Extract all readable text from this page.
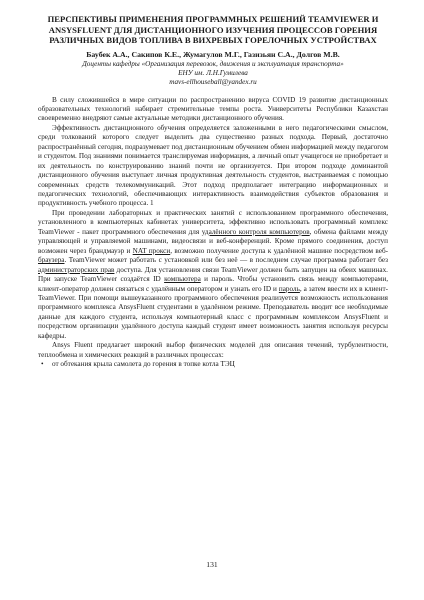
ПЕРСПЕКТИВЫ ПРИМЕНЕНИЯ ПРОГРАММНЫХ РЕШЕНИЙ TEAMVIEWER И ANSYSFLUENT ДЛЯ ДИСТАНЦИОННОГО ИЗУЧЕНИЯ ПРОЦЕССОВ ГОРЕНИЯ РАЗЛИЧНЫХ ВИДОВ ТОПЛИВА В ВИХРЕВЫХ ГОРЕЛОЧНЫХ УСТРОЙСТВАХ
Баубек А.А., Сакипов К.Е., Жумагулов М.Г., Газизьян С.А., Долгов М.В.
Доценты кафедры «Организация перевозок, движения и эксплуатация транспорта»
ЕНУ им. Л.Н.Гумилева
mavs-ellhouseball@yandex.ru

В силу сложившейся в мире ситуации по распространению вируса COVID 19 развитие дистанционных образовательных технологий набирает стремительные темпы роста. Университеты Республики Казахстан своевременно внедряют самые актуальные методики дистанционного обучения.

Эффективность дистанционного обучения определяется заложенными в него педагогическими смыслом, среди толкований которого следует выделить два существенно разных подхода. Первый, достаточно распространённый сегодня, подразумевает под дистанционным обучением обмен информацией между педагогом и студентом. Под знаниями понимается транслируемая информация, а личный опыт учащегося не приобретает и их деятельность по конструированию знаний почти не организуется. При втором подходе доминантой дистанционного обучения выступает личная продуктивная деятельность студентов, выстраиваемая с помощью современных средств телекоммуникаций. Этот подход предполагает интеграцию информационных и педагогических технологий, обеспечивающих интерактивность взаимодействия субъектов образования и продуктивность учебного процесса. 1

При проведении лабораторных и практических занятий с использованием программного обеспечения, установленного в компьютерных кабинетах университета, эффективно использовать программный комплекс TeamViewer - пакет программного обеспечения для удалённого контроля компьютеров, обмена файлами между управляющей и управляемой машинами, видеосвязи и веб-конференций. Кроме прямого соединения, доступ возможен через брандмауэр и NAT прокси, возможно получение доступа к удалённой машине посредством веб-браузера. TeamViewer может работать с установкой или без неё — в последнем случае программа работает без администраторских прав доступа. Для установления связи TeamViewer должен быть запущен на обеих машинах. При запуске TeamViewer создаётся ID компьютера и пароль. Чтобы установить связь между компьютерами, клиент-оператор должен связаться с удалённым оператором и узнать его ID и пароль, а затем ввести их в клиент-TeamViewer. При помощи вышеуказанного программного обеспечения реализуется возможность использования программного комплекса AnsysFluent студентами в удалённом режиме. Преподаватель вводит все необходимые данные для каждого студента, используя компьютерный класс с программным комплексом AnsysFluent и посредством организации удалённого доступа каждый студент имеет возможность занятия используя ресурсы кафедры.

Ansys Fluent предлагает широкий выбор физических моделей для описания течений, турбулентности, теплообмена и химических реакций в различных процессах:

• от обтекания крыла самолета до горения в топке котла ТЭЦ
131
